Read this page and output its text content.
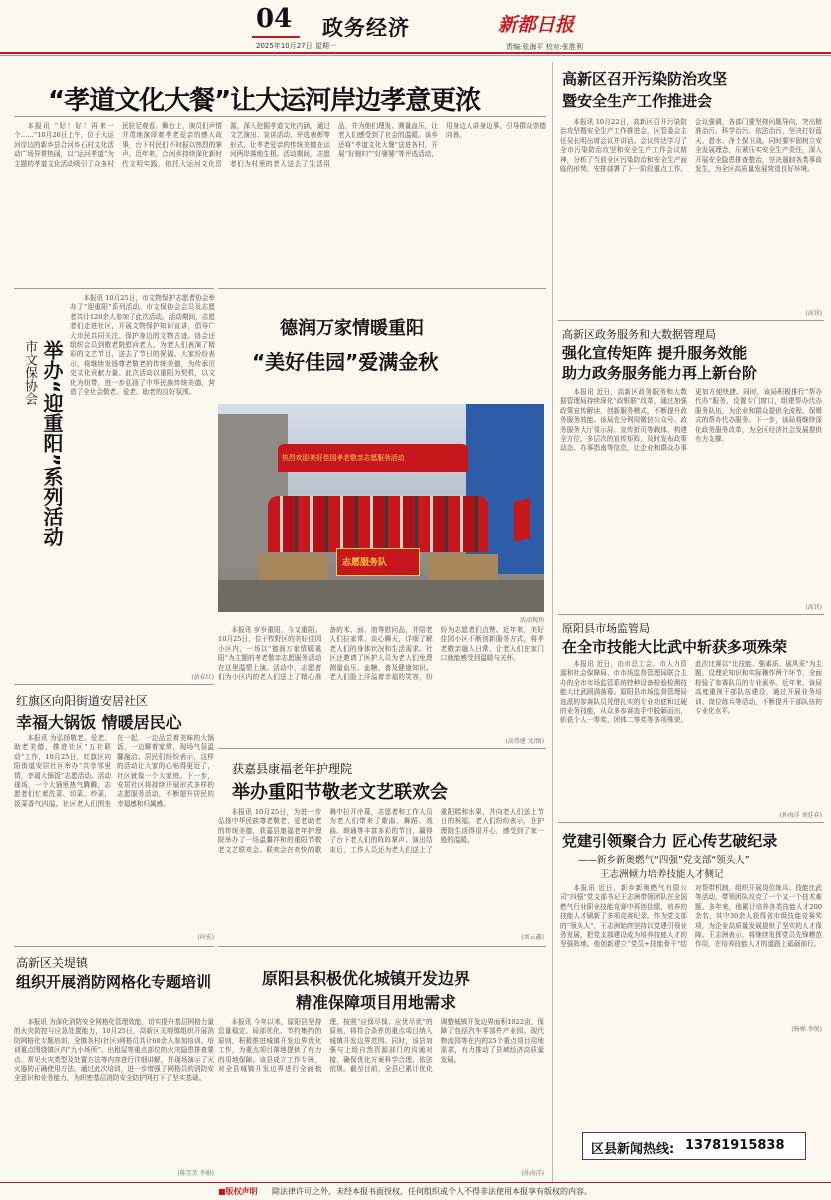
04 政务经济
2025年10月27日 星期一
新都日报
责编:张海平 校对:张胜利
“孝道文化大餐”让大运河岸边孝意更浓

本报讯 “好！好！再来一个……”10月26日上午，位于大运河岸边的新乡县合河乡石村文化活动广场异常热闹，以“运河孝道”为主题的孝道文化活动吸引了众多村民驻足观看。舞台上，演员们声情并茂地演绎着孝老爱亲的感人故事，台下村民们不时报以热烈的掌声。近年来，合河乡持续深化新时代文明实践，依托大运河文化资源，深入挖掘孝道文化内涵，通过文艺演出、宣讲活动、评选表彰等形式，让孝老爱亲的传统美德在运河两岸落地生根。活动期间，志愿者们为村里的老人送去了生活用品，并为他们理发、测量血压，让老人们感受到了社会的温暖。该乡还将“孝道文化大餐”送进各村，开展“好媳妇”“好婆婆”等评选活动，用身边人讲身边事，引导群众崇德向善。

市文保协会 举办“迎重阳”系列活动

本报讯 10月25日，市文物保护志愿者协会举办了“迎重阳”系列活动。市文保协会会员及志愿者共计120余人参加了此次活动。活动期间，志愿者们走进社区，开展文物保护知识宣讲，倡导广大市民共同关注、保护身边的文物古迹。协会还组织会员到敬老院慰问老人，为老人们表演了精彩的文艺节目，送去了节日的祝福。大家纷纷表示，将继续发扬尊老敬老的传统美德，为传承历史文化贡献力量。此次活动以重阳为契机，以文化为纽带，进一步弘扬了中华民族传统美德，营造了全社会敬老、爱老、助老的良好氛围。

(黄春红)
德润万家情暖重阳
“美好佳园”爱满金秋
热烈欢迎美好佳园孝老敬亲志愿服务活动
志愿服务队
活动现场

本报讯 岁岁重阳，今又重阳。10月25日，位于牧野区的美好佳园小区内，一场以“德润万家情暖重阳”为主题的孝老敬亲志愿服务活动在这里温情上演。活动中，志愿者们为小区内的老人们送上了精心准备的米、面、油等慰问品，并陪老人们拉家常、谈心聊天，详细了解老人们的身体状况和生活需求。社区还邀请了医护人员为老人们免费测量血压、血糖，普及健康知识。老人们脸上洋溢着幸福的笑容，纷纷为志愿者们点赞。近年来，美好佳园小区不断创新服务方式，将孝老敬亲融入日常，让老人们在家门口就能感受到温暖与关怀。

(高伟建 文/图)
红旗区向阳街道安居社区
幸福大锅饭 情暖居民心

本报讯 为弘扬敬老、爱老、助老美德，推进社区“五社联动”工作，10月25日，红旗区向阳街道安居社区举办“共享邻里情，幸福大锅饭”志愿活动。活动现场，一个大锅里热气腾腾，志愿者们忙着洗菜、切菜、炒菜，饭菜香气四溢。社区老人们围坐在一起，一边品尝着美味的大锅饭，一边聊着家常，现场气氛温馨融洽。居民们纷纷表示，这样的活动让大家的心贴得更近了，社区就像一个大家庭。下一步，安居社区将持续开展形式多样的志愿服务活动，不断提升居民的幸福感和归属感。

(向宏)
获嘉县康福老年护理院
举办重阳节敬老文艺联欢会

本报讯 10月25日，为进一步弘扬中华民族尊老敬老、爱老助老的传统美德，获嘉县康福老年护理院举办了一场温馨祥和的重阳节敬老文艺联欢会。联欢会在欢快的歌舞中拉开序幕，志愿者和工作人员为老人们带来了歌曲、舞蹈、戏曲、朗诵等丰富多彩的节目，赢得了台下老人们的阵阵掌声。演出结束后，工作人员还为老人们送上了重阳糕和水果，并向老人们送上节日的祝福。老人们纷纷表示，在护理院生活得很开心，感受到了家一般的温暖。

(刘云鑫)
高新区关堤镇
组织开展消防网格化专题培训

本报讯 为深化消防安全网格化管理效能，切实提升基层网格力量的火灾防控与应急处置能力，10月25日，高新区关堤镇组织开展消防网格化专题培训，全镇各村(社区)网格员共计60余人参加培训。培训重点围绕镇区内“九小场所”、出租屋等重点部位的火灾隐患排查要点、常见火灾类型及处置方法等内容进行详细讲解，并现场演示了灭火器的正确使用方法。通过此次培训，进一步增强了网格员的消防安全意识和业务能力，为织密基层消防安全防护网打下了坚实基础。

(陈芳芳 李娟)
原阳县积极优化城镇开发边界
精准保障项目用地需求

本报讯 今年以来，原阳县坚持总量稳定、局部优化、节约集约的原则，积极推进城镇开发边界优化工作，为重点项目落地提供了有力的用地保障。该县成立工作专班，对全县城镇开发边界进行全面梳理，按照“应保尽保、应优尽优”的原则，将符合条件的重点项目纳入城镇开发边界范围。同时，该县加强与上级自然资源部门的沟通对接，确保优化方案科学合理、依法依规。截至目前，全县已累计优化调整城镇开发边界面积1022亩，保障了包括汽车零部件产业园、现代物流园等在内的25个重点项目用地需求，有力推动了县域经济高质量发展。

(孙海洋)
高新区召开污染防治攻坚
暨安全生产工作推进会

本报讯 10月22日，高新区召开污染防治攻坚暨安全生产工作推进会，区管委会主任吴长明出席会议并讲话。会议传达学习了全市污染防治攻坚和安全生产工作会议精神，分析了当前全区污染防治和安全生产面临的形势，安排部署了下一阶段重点工作。会议强调，各部门要坚持问题导向，突出精准治污、科学治污、依法治污，坚决打好蓝天、碧水、净土保卫战。同时要牢固树立安全发展理念，压紧压实安全生产责任，深入开展安全隐患排查整治，坚决遏制各类事故发生，为全区高质量发展营造良好环境。

(高钊)
高新区政务服务和大数据管理局
强化宣传矩阵 提升服务效能
助力政务服务能力再上新台阶

本报讯 近日，高新区政务服务和大数据管理局持续深化“政银联”改革，通过加强政策宣传解读，创新服务模式，不断提升政务服务效能。该局充分利用微信公众号、政务服务大厅显示屏、宣传折页等载体，构建全方位、多层次的宣传矩阵，及时发布政策动态、办事指南等信息，让企业和群众办事更加方便快捷。同时，该局积极推行“帮办代办”服务，设置专门窗口，组建帮办代办服务队伍，为企业和群众提供全流程、保姆式的帮办代办服务。下一步，该局将继续深化政务服务改革，为全区经济社会发展提供有力支撑。

(高钊)
原阳县市场监管局
在全市技能大比武中斩获多项殊荣

本报讯 近日，由市总工会、市人力资源和社会保障局、市市场监督管理局联合主办的全市市场监管系统特种设备检验检测技能大比武圆满落幕。原阳县市场监督管理局选派的参赛队员凭借扎实的专业功底和过硬的业务技能，从众多参赛选手中脱颖而出，斩获个人一等奖、团体二等奖等多项殊荣。此次比赛以“比技能、强素质、展风采”为主题，设理论知识和实际操作两个环节，全面检验了参赛队员的专业素养。近年来，该局高度重视干部队伍建设，通过开展业务培训、岗位练兵等活动，不断提升干部队伍的专业化水平。

(孙海洋 刘廷春)
党建引领聚合力 匠心传艺破纪录
——新乡新奥燃气“四强”党支部“领头人”
王志洲倾力培养技能人才侧记

本报讯 近日，新乡新奥燃气有限公司“四强”党支部书记王志洲带领团队在全国燃气行业职业技能竞赛中再创佳绩，培养的技能人才刷新了多项竞赛纪录。作为党支部的“领头人”，王志洲始终坚持以党建引领业务发展，把党支部建设成为培养技能人才的坚强阵地。他创新建立“党员+技能骨干”结对帮带机制，组织开展岗位练兵、技能比武等活动，带领团队攻克了一个又一个技术难题。多年来，他累计培养各类技能人才200余名，其中30余人获得省市级技能竞赛奖项，为企业高质量发展提供了坚实的人才保障。王志洲表示，将继续发挥党员先锋模范作用，在培养技能人才的道路上砥砺前行。

(杨梯 李悦)
区县新闻热线: 13781915838
■版权声明 除法律许可之外，未经本报书面授权，任何组织或个人不得非法使用本报享有版权的内容。
